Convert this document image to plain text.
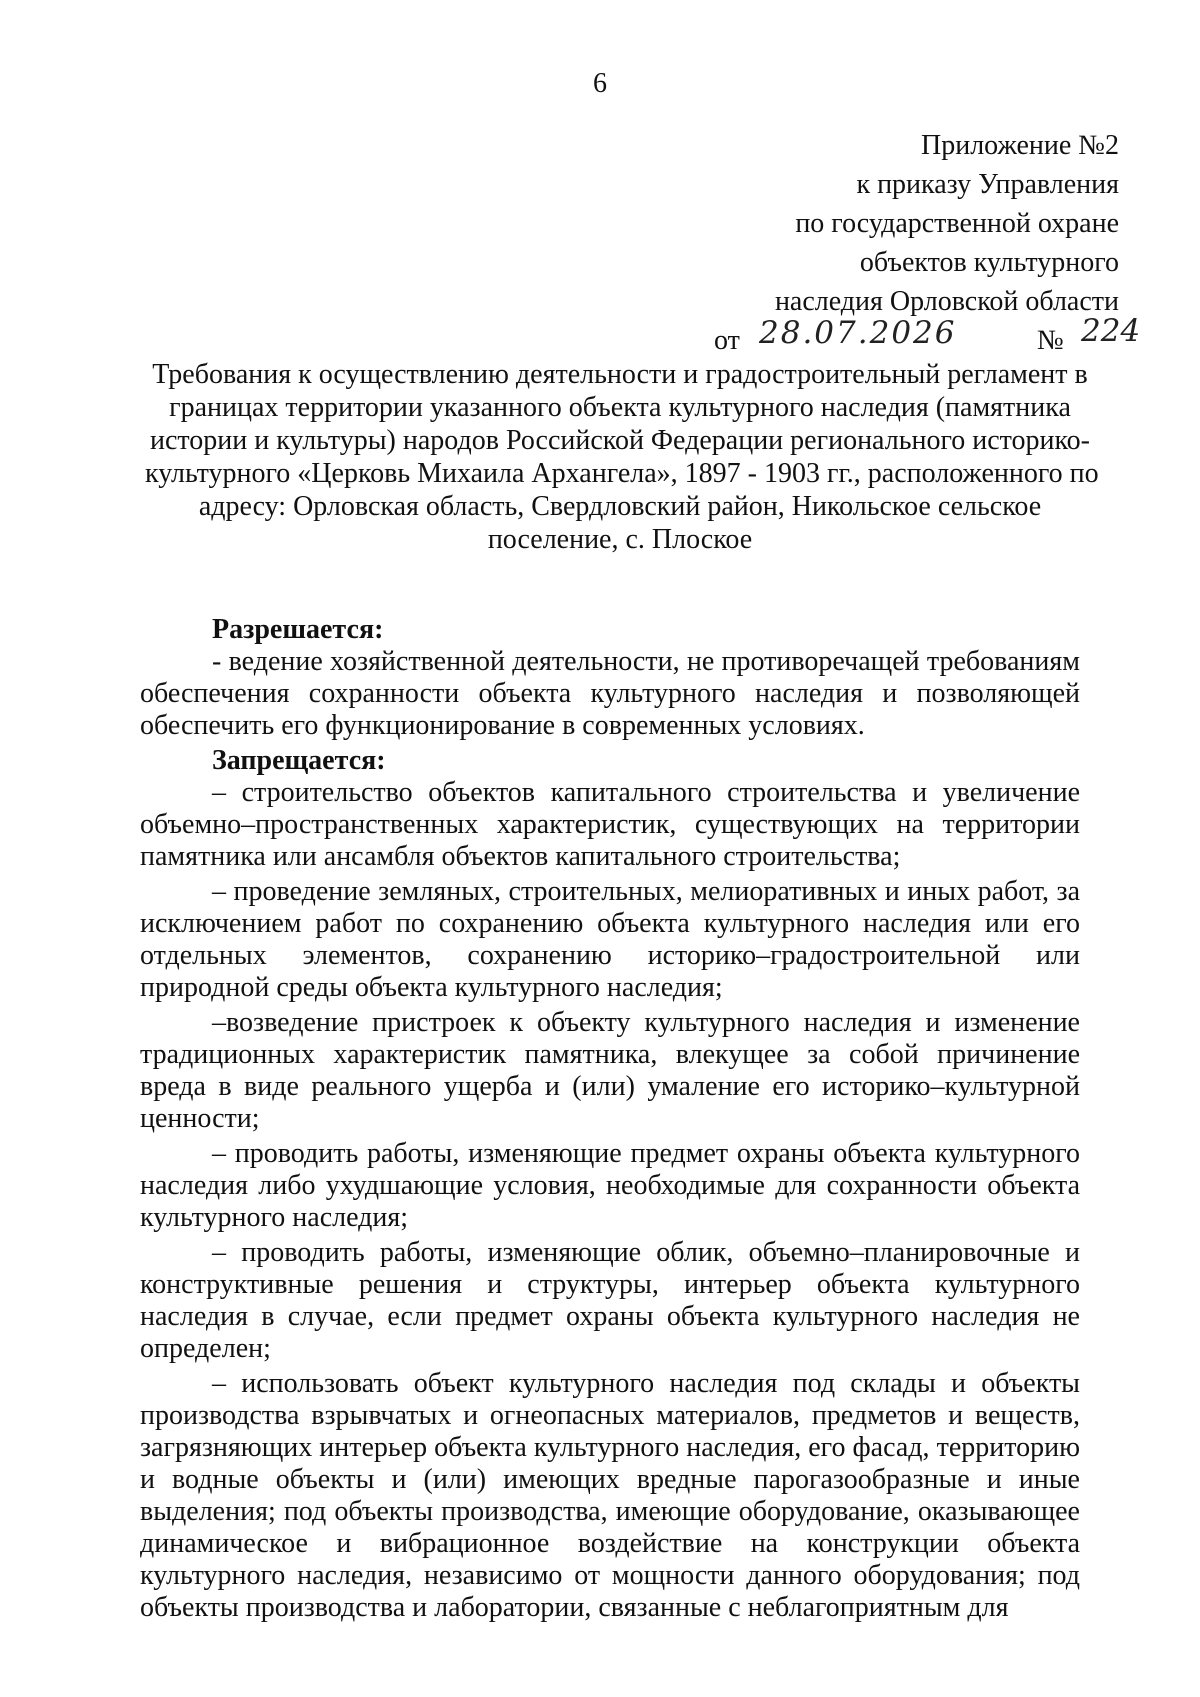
6
Приложение №2
к приказу Управления
по государственной охране
объектов культурного
наследия Орловской области
от 28.07.2026	№ 224
Требования к осуществлению деятельности и градостроительный регламент в
границах территории указанного объекта культурного наследия (памятника
истории и культуры) народов Российской Федерации регионального историко-
культурного «Церковь Михаила Архангела», 1897 - 1903 гг., расположенного по
адресу: Орловская область, Свердловский район, Никольское сельское
поселение, с. Плоское
Разрешается:

- ведение хозяйственной деятельности, не противоречащей требованиям обеспечения сохранности объекта культурного наследия и позволяющей обеспечить его функционирование в современных условиях.

Запрещается:

– строительство объектов капитального строительства и увеличение объемно–пространственных характеристик, существующих на территории памятника или ансамбля объектов капитального строительства;

– проведение земляных, строительных, мелиоративных и иных работ, за исключением работ по сохранению объекта культурного наследия или его отдельных элементов, сохранению историко–градостроительной или природной среды объекта культурного наследия;

–возведение пристроек к объекту культурного наследия и изменение традиционных характеристик памятника, влекущее за собой причинение вреда в виде реального ущерба и (или) умаление его историко–культурной ценности;

– проводить работы, изменяющие предмет охраны объекта культурного наследия либо ухудшающие условия, необходимые для сохранности объекта культурного наследия;

– проводить работы, изменяющие облик, объемно–планировочные и конструктивные решения и структуры, интерьер объекта культурного наследия в случае, если предмет охраны объекта культурного наследия не определен;

– использовать объект культурного наследия под склады и объекты производства взрывчатых и огнеопасных материалов, предметов и веществ, загрязняющих интерьер объекта культурного наследия, его фасад, территорию и водные объекты и (или) имеющих вредные парогазообразные и иные выделения; под объекты производства, имеющие оборудование, оказывающее динамическое и вибрационное воздействие на конструкции объекта культурного наследия, независимо от мощности данного оборудования; под объекты производства и лаборатории, связанные с неблагоприятным для
